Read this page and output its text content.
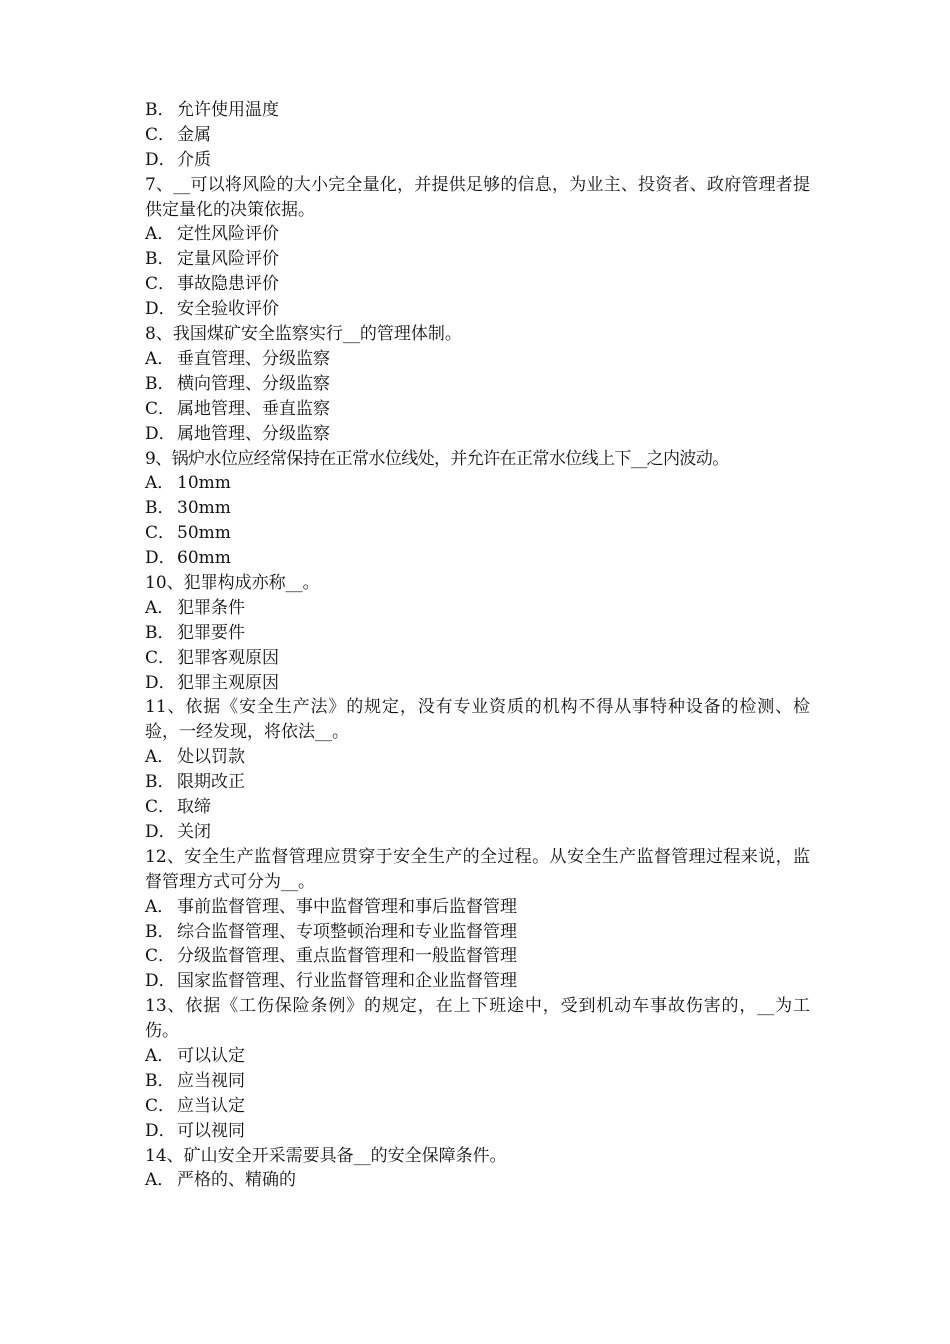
B． 允许使用温度
C． 金属
D． 介质
7、__可以将风险的大小完全量化，并提供足够的信息，为业主、投资者、政府管理者提供定量化的决策依据。
A． 定性风险评价
B． 定量风险评价
C． 事故隐患评价
D． 安全验收评价
8、我国煤矿安全监察实行__的管理体制。
A． 垂直管理、分级监察
B． 横向管理、分级监察
C． 属地管理、垂直监察
D． 属地管理、分级监察
9、锅炉水位应经常保持在正常水位线处，并允许在正常水位线上下__之内波动。
A． 10mm
B． 30mm
C． 50mm
D． 60mm
10、犯罪构成亦称__。
A． 犯罪条件
B． 犯罪要件
C． 犯罪客观原因
D． 犯罪主观原因
11、依据《安全生产法》的规定，没有专业资质的机构不得从事特种设备的检测、检验，一经发现，将依法__。
A． 处以罚款
B． 限期改正
C． 取缔
D． 关闭
12、安全生产监督管理应贯穿于安全生产的全过程。从安全生产监督管理过程来说，监督管理方式可分为__。
A． 事前监督管理、事中监督管理和事后监督管理
B． 综合监督管理、专项整顿治理和专业监督管理
C． 分级监督管理、重点监督管理和一般监督管理
D． 国家监督管理、行业监督管理和企业监督管理
13、依据《工伤保险条例》的规定，在上下班途中，受到机动车事故伤害的，__为工伤。
A． 可以认定
B． 应当视同
C． 应当认定
D． 可以视同
14、矿山安全开采需要具备__的安全保障条件。
A． 严格的、精确的
